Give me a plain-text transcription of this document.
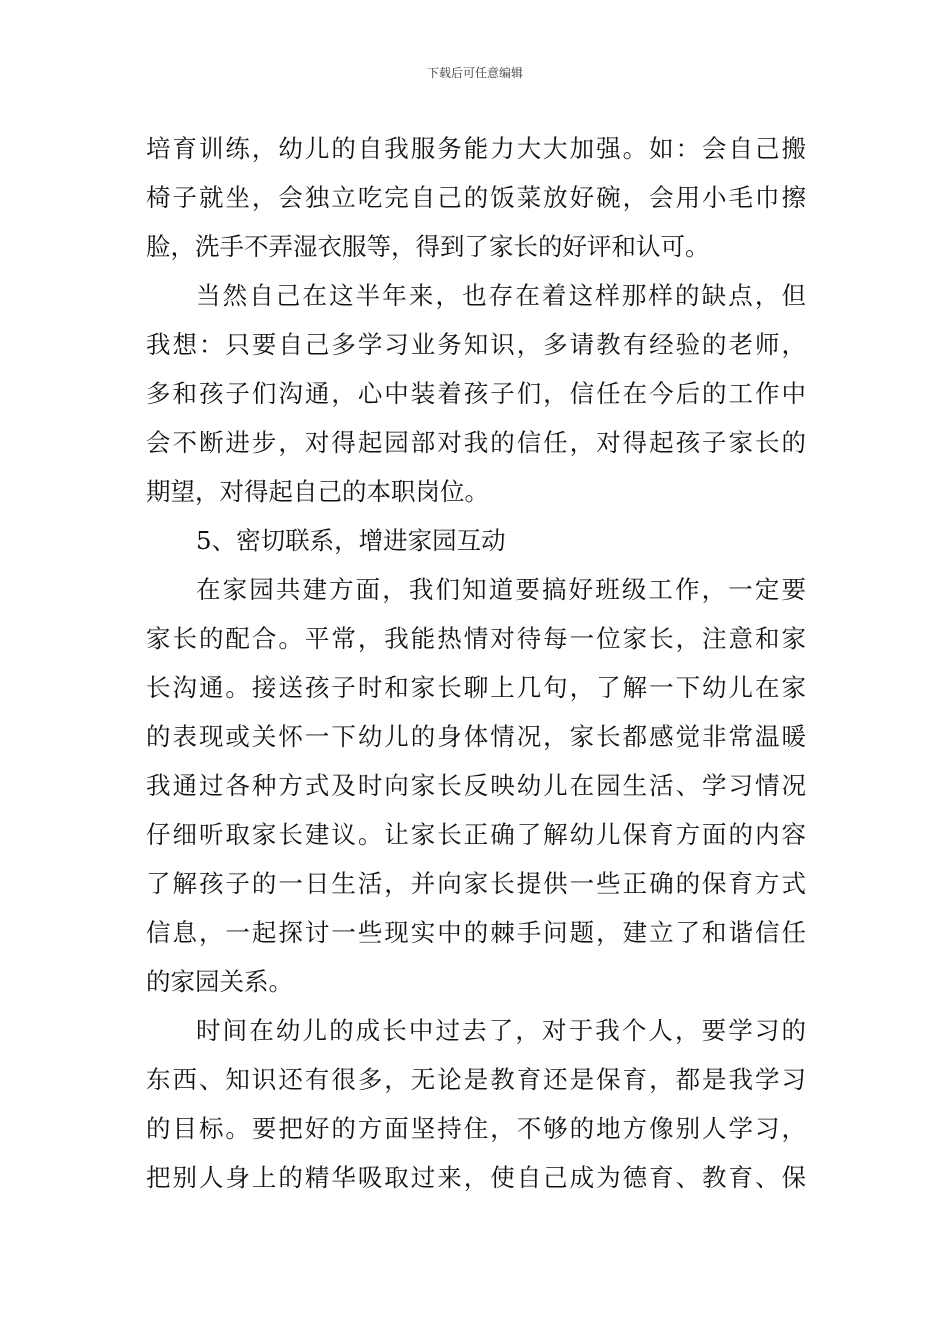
下载后可任意编辑
培育训练，幼儿的自我服务能力大大加强。如：会自己搬
椅子就坐，会独立吃完自己的饭菜放好碗，会用小毛巾擦
脸，洗手不弄湿衣服等，得到了家长的好评和认可。
当然自己在这半年来，也存在着这样那样的缺点，但
我想：只要自己多学习业务知识，多请教有经验的老师，
多和孩子们沟通，心中装着孩子们，信任在今后的工作中
会不断进步，对得起园部对我的信任，对得起孩子家长的
期望，对得起自己的本职岗位。
5、密切联系，增进家园互动
在家园共建方面，我们知道要搞好班级工作，一定要
家长的配合。平常，我能热情对待每一位家长，注意和家
长沟通。接送孩子时和家长聊上几句，了解一下幼儿在家
的表现或关怀一下幼儿的身体情况，家长都感觉非常温暖
我通过各种方式及时向家长反映幼儿在园生活、学习情况
仔细听取家长建议。让家长正确了解幼儿保育方面的内容
了解孩子的一日生活，并向家长提供一些正确的保育方式
信息，一起探讨一些现实中的棘手问题，建立了和谐信任
的家园关系。
时间在幼儿的成长中过去了，对于我个人，要学习的
东西、知识还有很多，无论是教育还是保育，都是我学习
的目标。要把好的方面坚持住，不够的地方像别人学习，
把别人身上的精华吸取过来，使自己成为德育、教育、保
